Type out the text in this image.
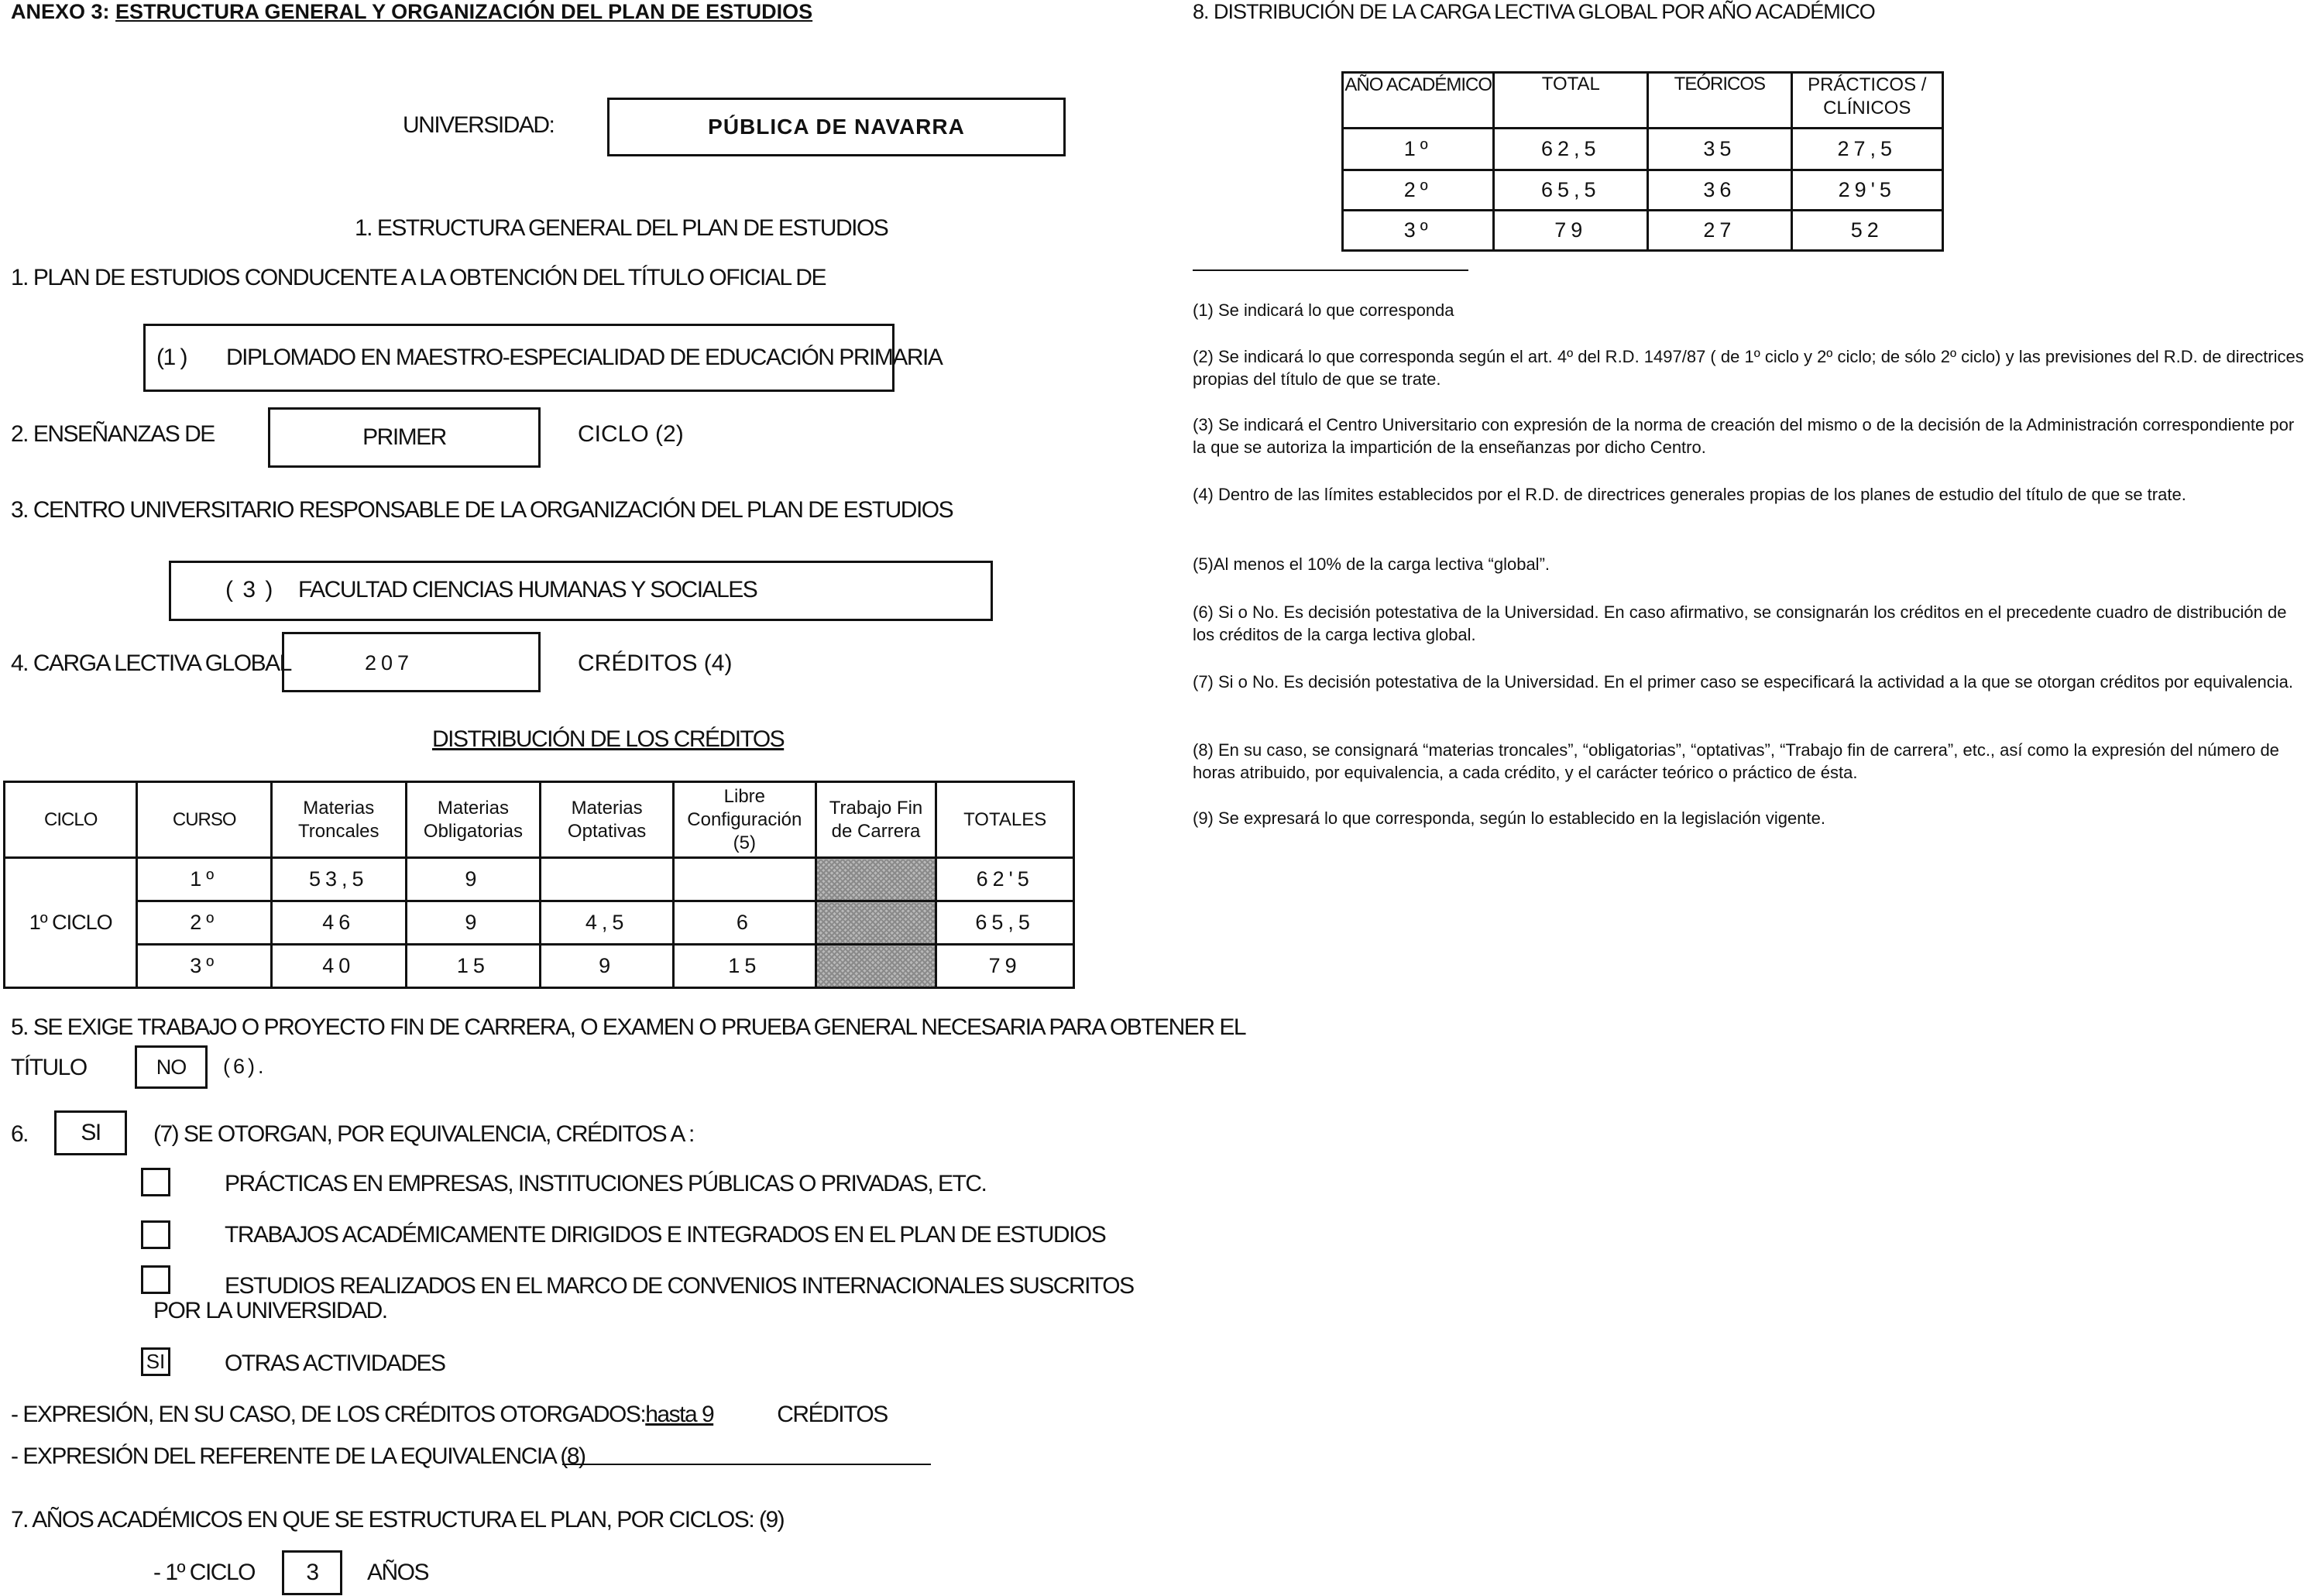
ANEXO 3: ESTRUCTURA GENERAL Y ORGANIZACIÓN DEL PLAN DE ESTUDIOS
UNIVERSIDAD:	PÚBLICA DE NAVARRA
1. ESTRUCTURA GENERAL DEL PLAN DE ESTUDIOS
1. PLAN DE ESTUDIOS CONDUCENTE A LA OBTENCIÓN DEL TÍTULO OFICIAL DE
(1 ) DIPLOMADO EN MAESTRO-ESPECIALIDAD DE EDUCACIÓN PRIMARIA
2. ENSEÑANZAS DE	PRIMER	CICLO (2)
3. CENTRO UNIVERSITARIO RESPONSABLE DE LA ORGANIZACIÓN DEL PLAN DE ESTUDIOS
( 3 ) FACULTAD CIENCIAS HUMANAS Y SOCIALES
4. CARGA LECTIVA GLOBAL	207	CRÉDITOS (4)
DISTRIBUCIÓN DE LOS CRÉDITOS
CICLO	CURSO	Materias Troncales	Materias Obligatorias	Materias Optativas	Libre Configuración (5)	Trabajo Fin de Carrera	TOTALES
1º CICLO	1º	53,5	9				62'5
	2º	46	9	4,5	6		65,5
	3º	40	15	9	15		79
5. SE EXIGE TRABAJO O PROYECTO FIN DE CARRERA, O EXAMEN O PRUEBA GENERAL NECESARIA PARA OBTENER EL
TÍTULO	NO (6).
6. SI (7) SE OTORGAN, POR EQUIVALENCIA, CRÉDITOS A :
PRÁCTICAS EN EMPRESAS, INSTITUCIONES PÚBLICAS O PRIVADAS, ETC.
TRABAJOS ACADÉMICAMENTE DIRIGIDOS E INTEGRADOS EN EL PLAN DE ESTUDIOS
ESTUDIOS REALIZADOS EN EL MARCO DE CONVENIOS INTERNACIONALES SUSCRITOS
POR LA UNIVERSIDAD.
SI	OTRAS ACTIVIDADES
- EXPRESIÓN, EN SU CASO, DE LOS CRÉDITOS OTORGADOS:hasta 9	CRÉDITOS
- EXPRESIÓN DEL REFERENTE DE LA EQUIVALENCIA (8)
7. AÑOS ACADÉMICOS EN QUE SE ESTRUCTURA EL PLAN, POR CICLOS: (9)
- 1º CICLO 3 AÑOS
8. DISTRIBUCIÓN DE LA CARGA LECTIVA GLOBAL POR AÑO ACADÉMICO
AÑO ACADÉMICO	TOTAL	TEÓRICOS	PRÁCTICOS / CLÍNICOS
1º	62,5	35	27,5
2º	65,5	36	29'5
3º	79	27	52
(1) Se indicará lo que corresponda
(2) Se indicará lo que corresponda según el art. 4º del R.D. 1497/87 ( de 1º ciclo y 2º ciclo; de sólo 2º ciclo) y las previsiones del R.D. de directrices propias del título de que se trate.
(3) Se indicará el Centro Universitario con expresión de la norma de creación del mismo o de la decisión de la Administración correspondiente por la que se autoriza la impartición de la enseñanzas por dicho Centro.
(4) Dentro de las límites establecidos por el R.D. de directrices generales propias de los planes de estudio del título de que se trate.
(5)Al menos el 10% de la carga lectiva “global”.
(6) Si o No. Es decisión potestativa de la Universidad. En caso afirmativo, se consignarán los créditos en el precedente cuadro de distribución de los créditos de la carga lectiva global.
(7) Si o No. Es decisión potestativa de la Universidad. En el primer caso se especificará la actividad a la que se otorgan créditos por equivalencia.
(8) En su caso, se consignará “materias troncales”, “obligatorias”, “optativas”, “Trabajo fin de carrera”, etc., así como la expresión del número de horas atribuido, por equivalencia, a cada crédito, y el carácter teórico o práctico de ésta.
(9) Se expresará lo que corresponda, según lo establecido en la legislación vigente.
